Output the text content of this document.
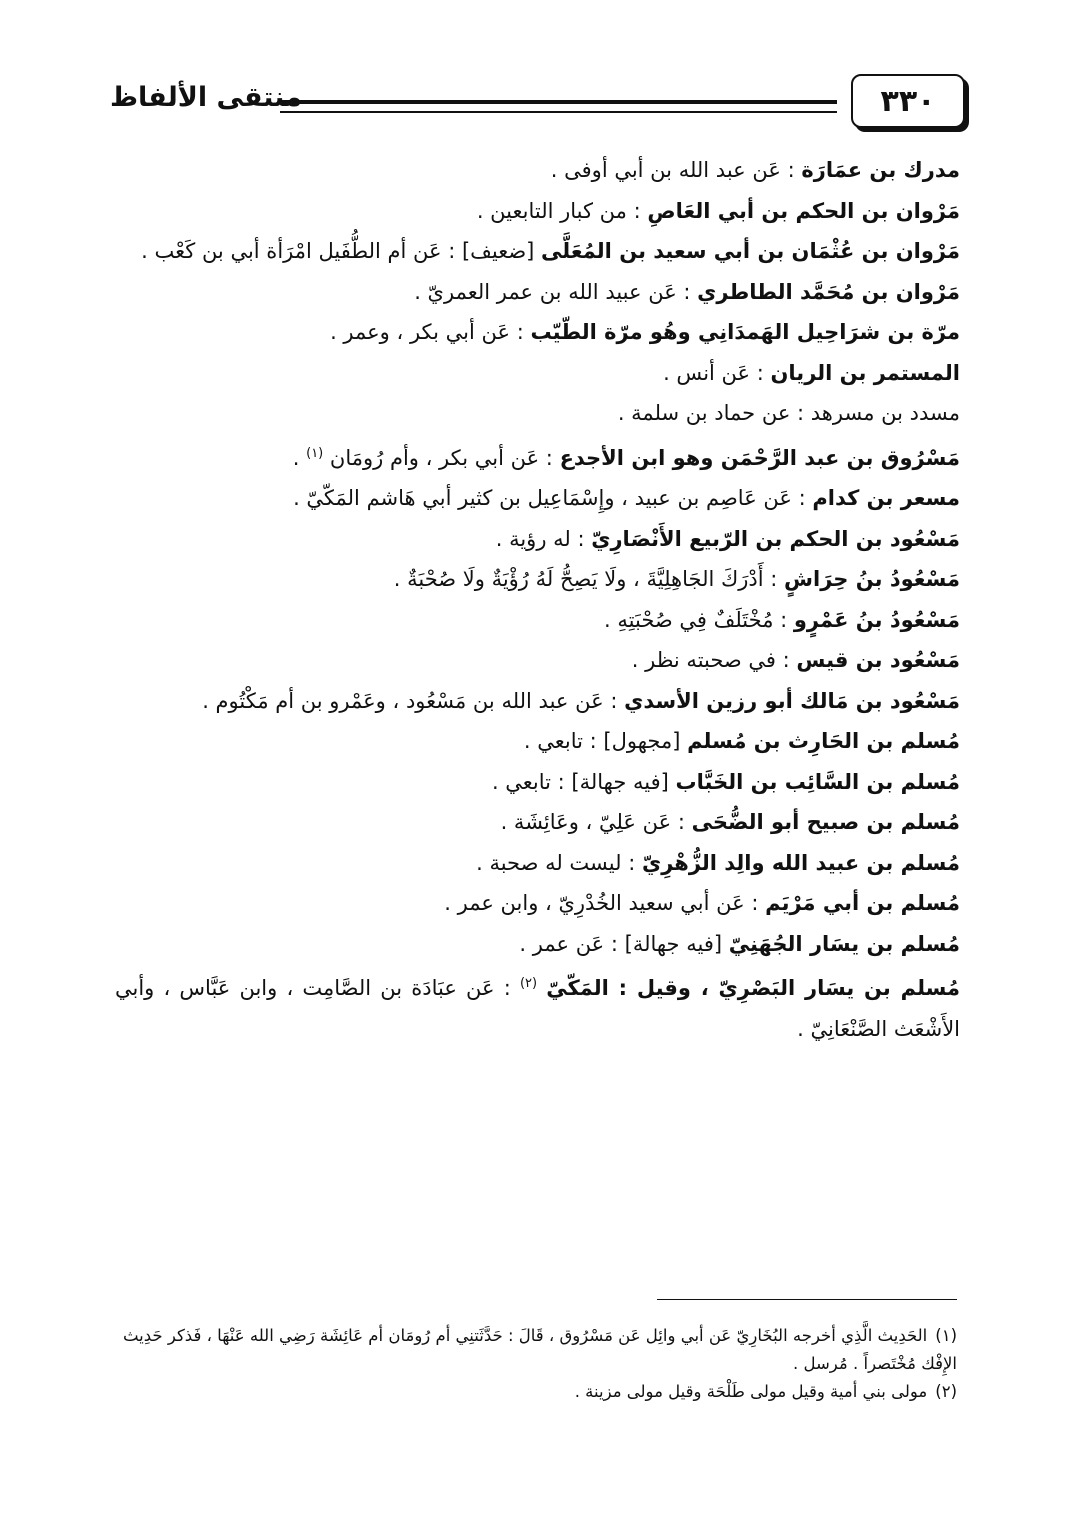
٣٣٠
منتقى الألفاظ
مدرك بن عمَارَة : عَن عبد الله بن أبي أوفى .
مَرْوان بن الحكم بن أبي العَاصِ : من كبار التابعين .
مَرْوان بن عُثْمَان بن أبي سعيد بن المُعَلَّى [ضعيف] : عَن أم الطُّفَيل امْرَأة أبي بن كَعْب .
مَرْوان بن مُحَمَّد الطاطري : عَن عبيد الله بن عمر العمريّ .
مرّة بن شرَاحِيل الهَمدَانِي وهُو مرّة الطّيّب : عَن أبي بكر ، وعمر .
المستمر بن الريان : عَن أنس .
مسدد بن مسرهد : عن حماد بن سلمة .
مَسْرُوق بن عبد الرَّحْمَن وهو ابن الأجدع : عَن أبي بكر ، وأم رُومَان $^{(١)}$ .
مسعر بن كدام : عَن عَاصِم بن عبيد ، وإِسْمَاعِيل بن كثير أبي هَاشم المَكّيّ .
مَسْعُود بن الحكم بن الرّبيع الأَنْصَارِيّ : له رؤية .
مَسْعُودُ بنُ حِرَاشٍ : أَدْرَكَ الجَاهِلِيَّةَ ، ولَا يَصِحُّ لَهُ رُؤْيَةٌ ولَا صُحْبَةٌ .
مَسْعُودُ بنُ عَمْرٍو : مُخْتَلَفٌ فِي صُحْبَتِهِ .
مَسْعُود بن قيس : في صحبته نظر .
مَسْعُود بن مَالك أبو رزين الأسدي : عَن عبد الله بن مَسْعُود ، وعَمْرو بن أم مَكْتُوم .
مُسلم بن الحَارِث بن مُسلم [مجهول] : تابعي .
مُسلم بن السَّائِب بن الخَبَّاب [فيه جهالة] : تابعي .
مُسلم بن صبيح أبو الضُّحَى : عَن عَلِيّ ، وعَائِشَة .
مُسلم بن عبيد الله والِد الزُّهْرِيّ : ليست له صحبة .
مُسلم بن أبي مَرْيَم : عَن أبي سعيد الخُدْرِيّ ، وابن عمر .
مُسلم بن يسَار الجُهَنِيّ [فيه جهالة] : عَن عمر .
مُسلم بن يسَار البَصْرِيّ ، وقيل : المَكّيّ $^{(٢)}$ : عَن عبَادَة بن الصَّامِت ، وابن عَبَّاس ، وأبي الأَشْعَث الصَّنْعَانِيّ .
(١)الحَدِيث الَّذِي أخرجه البُخَارِيّ عَن أبي وائِل عَن مَسْرُوق ، قَالَ : حَدَّثَتنِي أم رُومَان أم عَائِشَة رَضِي الله عَنْهَا ، فَذكر حَدِيث الإِفْك مُخْتَصراً . مُرسل .
(٢)مولى بني أمية وقيل مولى طَلْحَة وقيل مولى مزينة .
